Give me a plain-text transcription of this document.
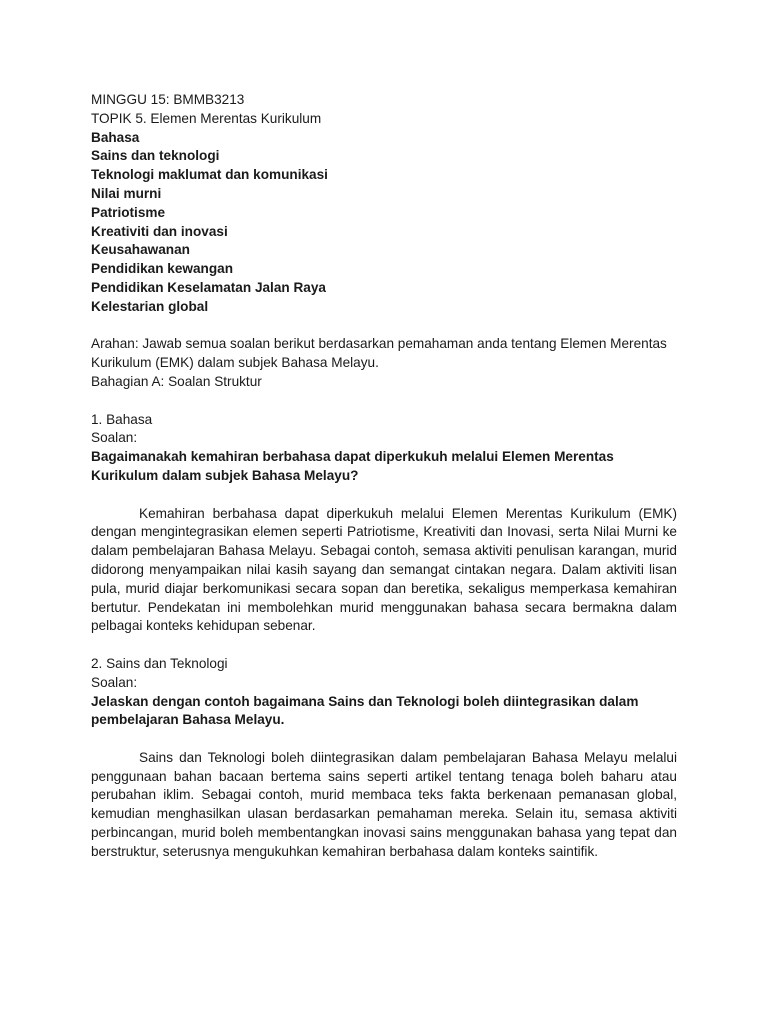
MINGGU 15: BMMB3213
TOPIK 5. Elemen Merentas Kurikulum
Bahasa
Sains dan teknologi
Teknologi maklumat dan komunikasi
Nilai murni
Patriotisme
Kreativiti dan inovasi
Keusahawanan
Pendidikan kewangan
Pendidikan Keselamatan Jalan Raya
Kelestarian global
Arahan: Jawab semua soalan berikut berdasarkan pemahaman anda tentang Elemen Merentas
Kurikulum (EMK) dalam subjek Bahasa Melayu.
Bahagian A: Soalan Struktur
1. Bahasa
Soalan:
Bagaimanakah kemahiran berbahasa dapat diperkukuh melalui Elemen Merentas
Kurikulum dalam subjek Bahasa Melayu?

Kemahiran berbahasa dapat diperkukuh melalui Elemen Merentas Kurikulum (EMK) dengan mengintegrasikan elemen seperti Patriotisme, Kreativiti dan Inovasi, serta Nilai Murni ke dalam pembelajaran Bahasa Melayu. Sebagai contoh, semasa aktiviti penulisan karangan, murid didorong menyampaikan nilai kasih sayang dan semangat cintakan negara. Dalam aktiviti lisan pula, murid diajar berkomunikasi secara sopan dan beretika, sekaligus memperkasa kemahiran bertutur. Pendekatan ini membolehkan murid menggunakan bahasa secara bermakna dalam pelbagai konteks kehidupan sebenar.

2. Sains dan Teknologi
Soalan:
Jelaskan dengan contoh bagaimana Sains dan Teknologi boleh diintegrasikan dalam
pembelajaran Bahasa Melayu.

Sains dan Teknologi boleh diintegrasikan dalam pembelajaran Bahasa Melayu melalui penggunaan bahan bacaan bertema sains seperti artikel tentang tenaga boleh baharu atau perubahan iklim. Sebagai contoh, murid membaca teks fakta berkenaan pemanasan global, kemudian menghasilkan ulasan berdasarkan pemahaman mereka. Selain itu, semasa aktiviti perbincangan, murid boleh membentangkan inovasi sains menggunakan bahasa yang tepat dan berstruktur, seterusnya mengukuhkan kemahiran berbahasa dalam konteks saintifik.
